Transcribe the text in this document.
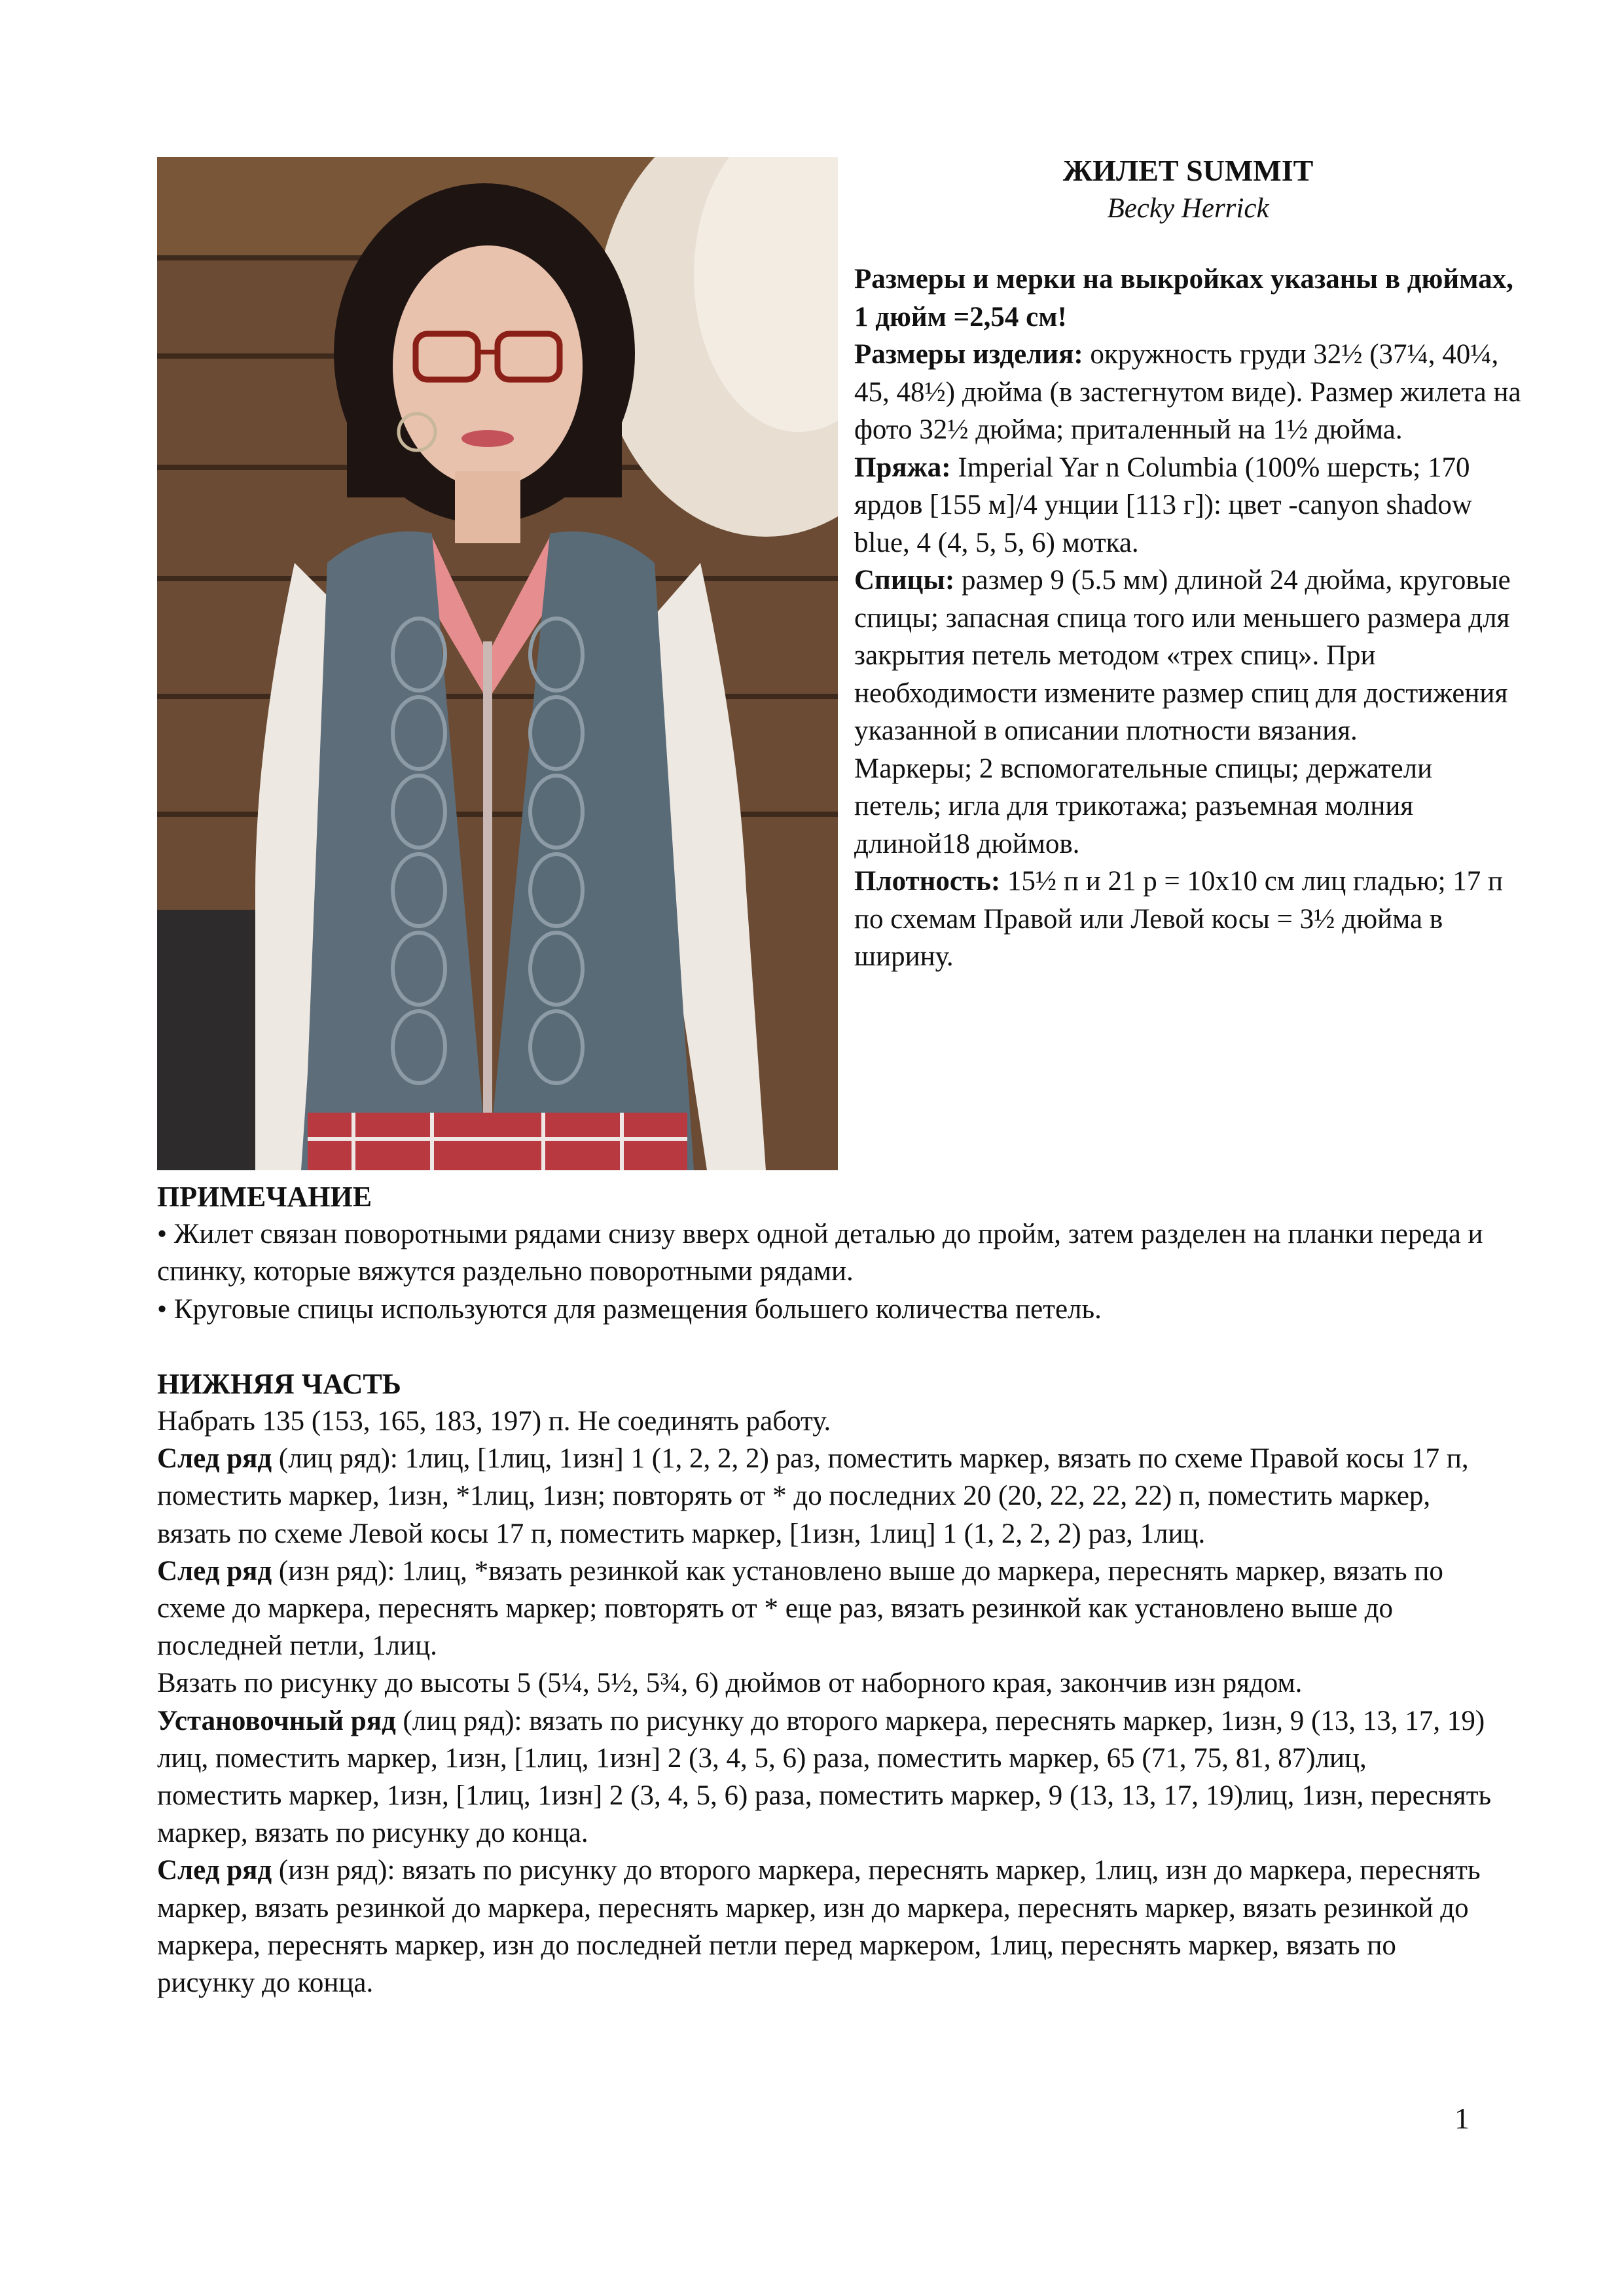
ЖИЛЕТ SUMMIT
Becky Herrick

Размеры и мерки на выкройках указаны в дюймах, 1 дюйм =2,54 см!

Размеры изделия: окружность груди 32½ (37¼, 40¼, 45, 48½) дюйма (в застегнутом виде). Размер жилета на фото 32½ дюйма; приталенный на 1½ дюйма.

Пряжа: Imperial Yar n Columbia (100% шерсть; 170 ярдов [155 м]/4 унции [113 г]): цвет -canyon shadow blue, 4 (4, 5, 5, 6) мотка.

Спицы: размер 9 (5.5 мм) длиной 24 дюйма, круговые спицы; запасная спица того или меньшего размера для закрытия петель методом «трех спиц». При необходимости измените размер спиц для достижения указанной в описании плотности вязания.

Маркеры; 2 вспомогательные спицы; держатели петель; игла для трикотажа; разъемная молния длиной18 дюймов.

Плотность: 15½ п и 21 р = 10х10 см лиц гладью; 17 п по схемам Правой или Левой косы = 3½ дюйма в ширину.

ПРИМЕЧАНИЕ

• Жилет связан поворотными рядами снизу вверх одной деталью до пройм, затем разделен на планки переда и спинку, которые вяжутся раздельно поворотными рядами.

• Круговые спицы используются для размещения большего количества петель.

НИЖНЯЯ ЧАСТЬ

Набрать 135 (153, 165, 183, 197) п. Не соединять работу.

След ряд (лиц ряд): 1лиц, [1лиц, 1изн] 1 (1, 2, 2, 2) раз, поместить маркер, вязать по схеме Правой косы 17 п, поместить маркер, 1изн, *1лиц, 1изн; повторять от * до последних 20 (20, 22, 22, 22) п, поместить маркер, вязать по схеме Левой косы 17 п, поместить маркер, [1изн, 1лиц] 1 (1, 2, 2, 2) раз, 1лиц.

След ряд (изн ряд): 1лиц, *вязать резинкой как установлено выше до маркера, переснять маркер, вязать по схеме до маркера, переснять маркер; повторять от * еще раз, вязать резинкой как установлено выше до последней петли, 1лиц.

Вязать по рисунку до высоты 5 (5¼, 5½, 5¾, 6) дюймов от наборного края, закончив изн рядом.

Установочный ряд (лиц ряд): вязать по рисунку до второго маркера, переснять маркер, 1изн, 9 (13, 13, 17, 19) лиц, поместить маркер, 1изн, [1лиц, 1изн] 2 (3, 4, 5, 6) раза, поместить маркер, 65 (71, 75, 81, 87)лиц, поместить маркер, 1изн, [1лиц, 1изн] 2 (3, 4, 5, 6) раза, поместить маркер, 9 (13, 13, 17, 19)лиц, 1изн, переснять маркер, вязать по рисунку до конца.

След ряд (изн ряд): вязать по рисунку до второго маркера, переснять маркер, 1лиц, изн до маркера, переснять маркер, вязать резинкой до маркера, переснять маркер, изн до маркера, переснять маркер, вязать резинкой до маркера, переснять маркер, изн до последней петли перед маркером, 1лиц, переснять маркер, вязать по рисунку до конца.

1
